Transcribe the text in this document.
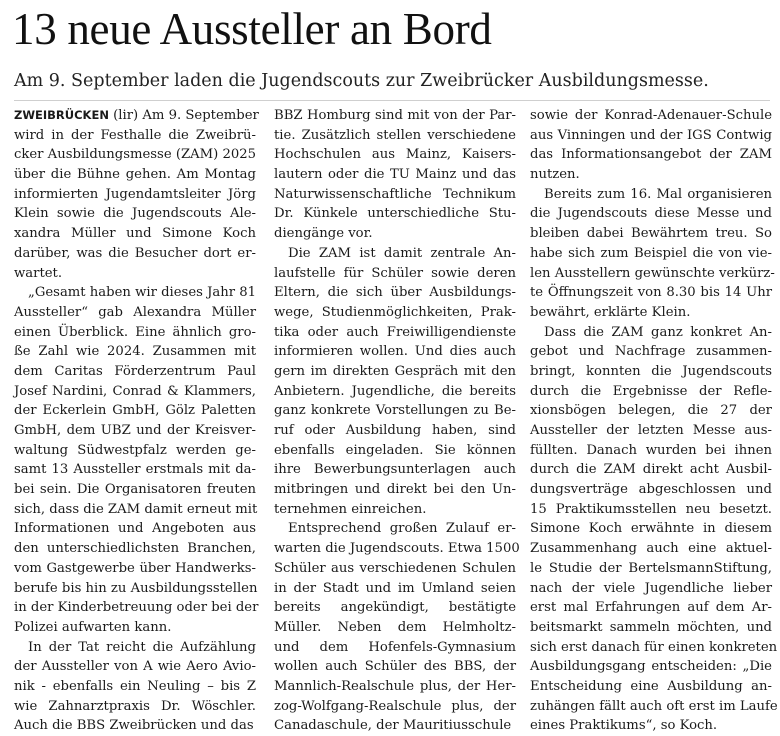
13 neue Aussteller an Bord
Am 9. September laden die Jugendscouts zur Zweibrücker Ausbildungsmesse.
ZWEIBRÜCKEN (lir) Am 9. September
wird in der Festhalle die Zweibrü-
cker Ausbildungsmesse (ZAM) 2025
über die Bühne gehen. Am Montag
informierten Jugendamtsleiter Jörg
Klein sowie die Jugendscouts Ale-
xandra Müller und Simone Koch
darüber, was die Besucher dort er-
wartet.
„Gesamt haben wir dieses Jahr 81
Aussteller“ gab Alexandra Müller
einen Überblick. Eine ähnlich gro-
ße Zahl wie 2024. Zusammen mit
dem Caritas Förderzentrum Paul
Josef Nardini, Conrad & Klammers,
der Eckerlein GmbH, Gölz Paletten
GmbH, dem UBZ und der Kreisver-
waltung Südwestpfalz werden ge-
samt 13 Aussteller erstmals mit da-
bei sein. Die Organisatoren freuten
sich, dass die ZAM damit erneut mit
Informationen und Angeboten aus
den unterschiedlichsten Branchen,
vom Gastgewerbe über Handwerks-
berufe bis hin zu Ausbildungsstellen
in der Kinderbetreuung oder bei der
Polizei aufwarten kann.
In der Tat reicht die Aufzählung
der Aussteller von A wie Aero Avio-
nik - ebenfalls ein Neuling – bis Z
wie Zahnarztpraxis Dr. Wöschler.
Auch die BBS Zweibrücken und das
BBZ Homburg sind mit von der Par-
tie. Zusätzlich stellen verschiedene
Hochschulen aus Mainz, Kaisers-
lautern oder die TU Mainz und das
Naturwissenschaftliche Technikum
Dr. Künkele unterschiedliche Stu-
diengänge vor.
Die ZAM ist damit zentrale An-
laufstelle für Schüler sowie deren
Eltern, die sich über Ausbildungs-
wege, Studienmöglichkeiten, Prak-
tika oder auch Freiwilligendienste
informieren wollen. Und dies auch
gern im direkten Gespräch mit den
Anbietern. Jugendliche, die bereits
ganz konkrete Vorstellungen zu Be-
ruf oder Ausbildung haben, sind
ebenfalls eingeladen. Sie können
ihre Bewerbungsunterlagen auch
mitbringen und direkt bei den Un-
ternehmen einreichen.
Entsprechend großen Zulauf er-
warten die Jugendscouts. Etwa 1500
Schüler aus verschiedenen Schulen
in der Stadt und im Umland seien
bereits angekündigt, bestätigte
Müller. Neben dem Helmholtz-
und dem Hofenfels-Gymnasium
wollen auch Schüler des BBS, der
Mannlich-Realschule plus, der Her-
zog-Wolfgang-Realschule plus, der
Canadaschule, der Mauritiusschule
sowie der Konrad-Adenauer-Schule
aus Vinningen und der IGS Contwig
das Informationsangebot der ZAM
nutzen.
Bereits zum 16. Mal organisieren
die Jugendscouts diese Messe und
bleiben dabei Bewährtem treu. So
habe sich zum Beispiel die von vie-
len Ausstellern gewünschte verkürz-
te Öffnungszeit von 8.30 bis 14 Uhr
bewährt, erklärte Klein.
Dass die ZAM ganz konkret An-
gebot und Nachfrage zusammen-
bringt, konnten die Jugendscouts
durch die Ergebnisse der Refle-
xionsbögen belegen, die 27 der
Aussteller der letzten Messe aus-
füllten. Danach wurden bei ihnen
durch die ZAM direkt acht Ausbil-
dungsverträge abgeschlossen und
15 Praktikumsstellen neu besetzt.
Simone Koch erwähnte in diesem
Zusammenhang auch eine aktuel-
le Studie der BertelsmannStiftung,
nach der viele Jugendliche lieber
erst mal Erfahrungen auf dem Ar-
beitsmarkt sammeln möchten, und
sich erst danach für einen konkreten
Ausbildungsgang entscheiden: „Die
Entscheidung eine Ausbildung an-
zuhängen fällt auch oft erst im Laufe
eines Praktikums“, so Koch.
